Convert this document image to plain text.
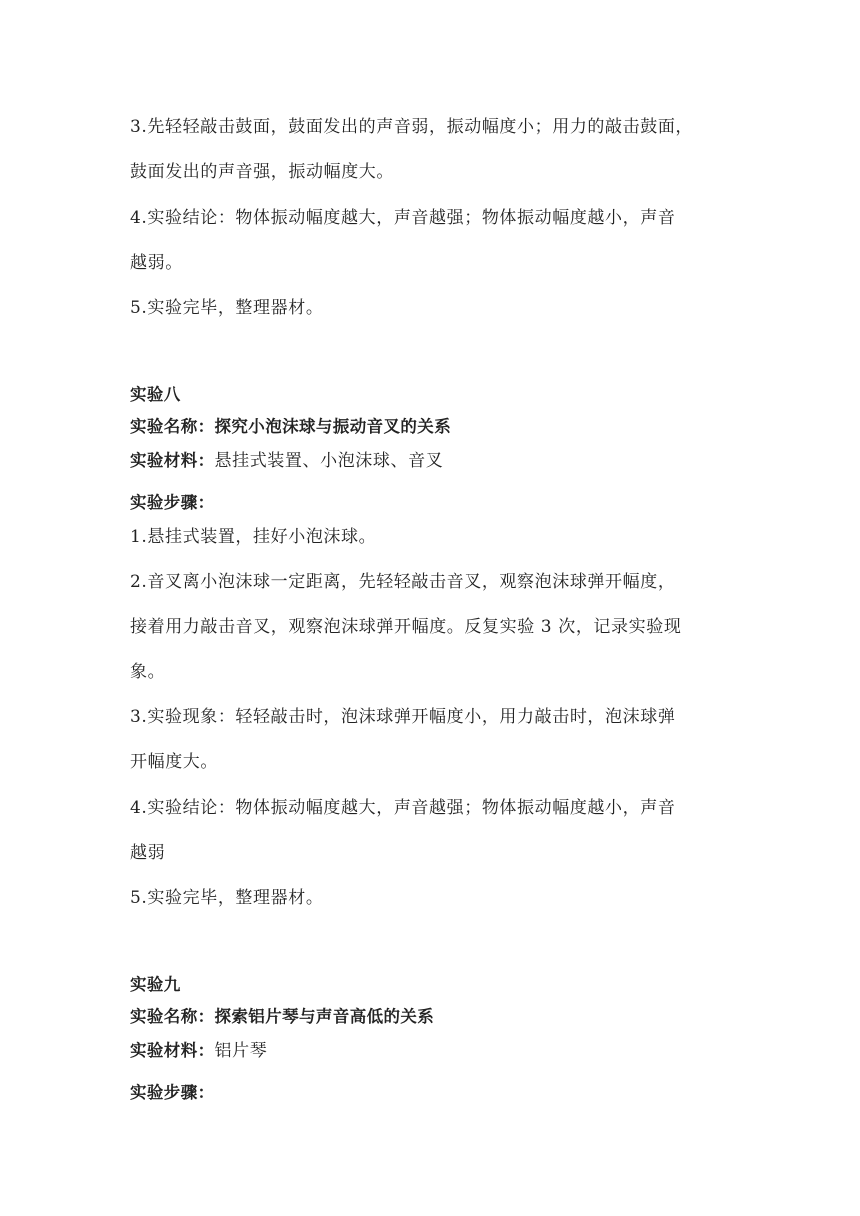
3.先轻轻敲击鼓面，鼓面发出的声音弱，振动幅度小；用力的敲击鼓面，
鼓面发出的声音强，振动幅度大。
4.实验结论：物体振动幅度越大，声音越强；物体振动幅度越小，声音
越弱。
5.实验完毕，整理器材。
实验八
实验名称：探究小泡沫球与振动音叉的关系
实验材料：悬挂式装置、小泡沫球、音叉
实验步骤：
1.悬挂式装置，挂好小泡沫球。
2.音叉离小泡沫球一定距离，先轻轻敲击音叉，观察泡沫球弹开幅度，
接着用力敲击音叉，观察泡沫球弹开幅度。反复实验 3 次，记录实验现
象。
3.实验现象：轻轻敲击时，泡沫球弹开幅度小，用力敲击时，泡沫球弹
开幅度大。
4.实验结论：物体振动幅度越大，声音越强；物体振动幅度越小，声音
越弱
5.实验完毕，整理器材。
实验九
实验名称：探索铝片琴与声音高低的关系
实验材料：铝片琴
实验步骤：
